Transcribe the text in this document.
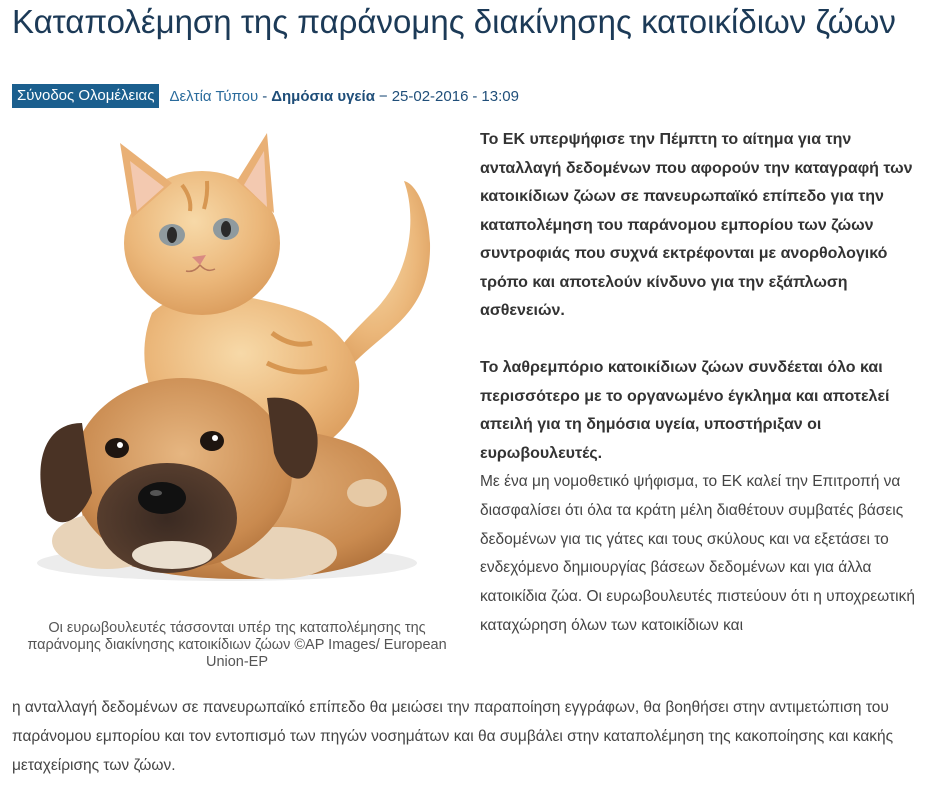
Καταπολέμηση της παράνομης διακίνησης κατοικίδιων ζώων
Σύνοδος Ολομέλειας	Δελτία Τύπου - Δημόσια υγεία − 25-02-2016 - 13:09
Οι ευρωβουλευτές τάσσονται υπέρ της καταπολέμησης της παράνομης διακίνησης κατοικίδιων ζώων ©AP Images/ European Union-EP

Το ΕΚ υπερψήφισε την Πέμπτη το αίτημα για την ανταλλαγή δεδομένων που αφορούν την καταγραφή των κατοικίδιων ζώων σε πανευρωπαϊκό επίπεδο για την καταπολέμηση του παράνομου εμπορίου των ζώων συντροφιάς που συχνά εκτρέφονται με ανορθολογικό τρόπο και αποτελούν κίνδυνο για την εξάπλωση ασθενειών.

Το λαθρεμπόριο κατοικίδιων ζώων συνδέεται όλο και περισσότερο με το οργανωμένο έγκλημα και αποτελεί απειλή για τη δημόσια υγεία, υποστήριξαν οι ευρωβουλευτές.

Με ένα μη νομοθετικό ψήφισμα, το ΕΚ καλεί την Επιτροπή να διασφαλίσει ότι όλα τα κράτη μέλη διαθέτουν συμβατές βάσεις δεδομένων για τις γάτες και τους σκύλους και να εξετάσει το ενδεχόμενο δημιουργίας βάσεων δεδομένων και για άλλα κατοικίδια ζώα. Οι ευρωβουλευτές πιστεύουν ότι η υποχρεωτική καταχώρηση όλων των κατοικίδιων και

η ανταλλαγή δεδομένων σε πανευρωπαϊκό επίπεδο θα μειώσει την παραποίηση εγγράφων, θα βοηθήσει στην αντιμετώπιση του παράνομου εμπορίου και τον εντοπισμό των πηγών νοσημάτων και θα συμβάλει στην καταπολέμηση της κακοποίησης και κακής μεταχείρισης των ζώων.
